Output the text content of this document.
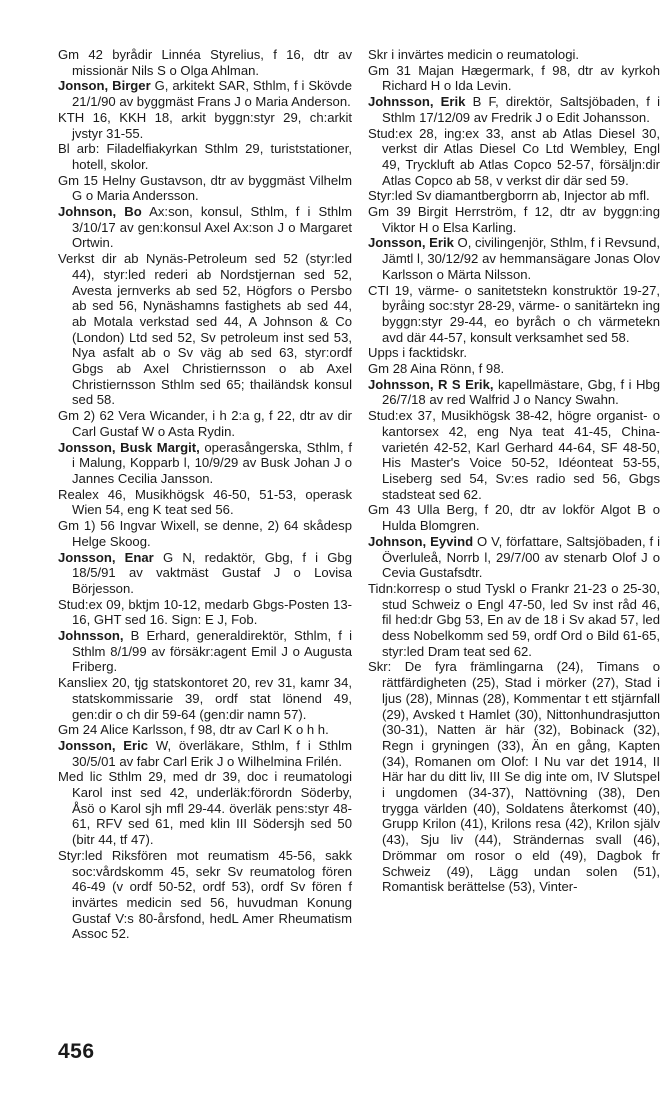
Gm 42 byrådir Linnéa Styrelius, f 16, dtr av missionär Nils S o Olga Ahlman.

Jonson, Birger G, arkitekt SAR, Sthlm, f i Skövde 21/1/90 av byggmäst Frans J o Maria Anderson.

KTH 16, KKH 18, arkit byggn:styr 29, ch:arkit jvstyr 31-55.

Bl arb: Filadelfiakyrkan Sthlm 29, turiststationer, hotell, skolor.

Gm 15 Helny Gustavson, dtr av byggmäst Vilhelm G o Maria Andersson.

Johnson, Bo Ax:son, konsul, Sthlm, f i Sthlm 3/10/17 av gen:konsul Axel Ax:son J o Margaret Ortwin.

Verkst dir ab Nynäs-Petroleum sed 52 (styr:led 44), styr:led rederi ab Nordstjernan sed 52, Avesta jernverks ab sed 52, Högfors o Persbo ab sed 56, Nynäshamns fastighets ab sed 44, ab Motala verkstad sed 44, A Johnson & Co (London) Ltd sed 52, Sv petroleum inst sed 53, Nya asfalt ab o Sv väg ab sed 63, styr:ordf Gbgs ab Axel Christiernsson o ab Axel Christiernsson Sthlm sed 65; thailändsk konsul sed 58.

Gm 2) 62 Vera Wicander, i h 2:a g, f 22, dtr av dir Carl Gustaf W o Asta Rydin.

Jonsson, Busk Margit, operasångerska, Sthlm, f i Malung, Kopparb l, 10/9/29 av Busk Johan J o Jannes Cecilia Jansson.

Realex 46, Musikhögsk 46-50, 51-53, operask Wien 54, eng K teat sed 56.

Gm 1) 56 Ingvar Wixell, se denne, 2) 64 skådesp Helge Skoog.

Jonsson, Enar G N, redaktör, Gbg, f i Gbg 18/5/91 av vaktmäst Gustaf J o Lovisa Börjesson.

Stud:ex 09, bktjm 10-12, medarb Gbgs-Posten 13-16, GHT sed 16. Sign: E J, Fob.

Johnsson, B Erhard, generaldirektör, Sthlm, f i Sthlm 8/1/99 av försäkr:agent Emil J o Augusta Friberg.

Kansliex 20, tjg statskontoret 20, rev 31, kamr 34, statskommissarie 39, ordf stat lönend 49, gen:dir o ch dir 59-64 (gen:dir namn 57).

Gm 24 Alice Karlsson, f 98, dtr av Carl K o h h.

Jonsson, Eric W, överläkare, Sthlm, f i Sthlm 30/5/01 av fabr Carl Erik J o Wilhelmina Frilén.

Med lic Sthlm 29, med dr 39, doc i reumatologi Karol inst sed 42, underläk:förordn Söderby, Åsö o Karol sjh mfl 29-44. överläk pens:styr 48-61, RFV sed 61, med klin III Södersjh sed 50 (bitr 44, tf 47).

Styr:led Riksfören mot reumatism 45-56, sakk soc:vårdskomm 45, sekr Sv reumatolog fören 46-49 (v ordf 50-52, ordf 53), ordf Sv fören f invärtes medicin sed 56, huvudman Konung Gustaf V:s 80-årsfond, hedL Amer Rheumatism Assoc 52.

Skr i invärtes medicin o reumatologi.

Gm 31 Majan Hægermark, f 98, dtr av kyrkoh Richard H o Ida Levin.

Johnsson, Erik B F, direktör, Saltsjöbaden, f i Sthlm 17/12/09 av Fredrik J o Edit Johansson.

Stud:ex 28, ing:ex 33, anst ab Atlas Diesel 30, verkst dir Atlas Diesel Co Ltd Wembley, Engl 49, Tryckluft ab Atlas Copco 52-57, försäljn:dir Atlas Copco ab 58, v verkst dir där sed 59.

Styr:led Sv diamantbergborrn ab, Injector ab mfl.

Gm 39 Birgit Herrström, f 12, dtr av byggn:ing Viktor H o Elsa Karling.

Jonsson, Erik O, civilingenjör, Sthlm, f i Revsund, Jämtl l, 30/12/92 av hemmansägare Jonas Olov Karlsson o Märta Nilsson.

CTI 19, värme- o sanitetstekn konstruktör 19-27, byråing soc:styr 28-29, värme- o sanitärtekn ing byggn:styr 29-44, eo byråch o ch värmetekn avd där 44-57, konsult verksamhet sed 58.

Upps i facktidskr.

Gm 28 Aina Rönn, f 98.

Johnsson, R S Erik, kapellmästare, Gbg, f i Hbg 26/7/18 av red Walfrid J o Nancy Swahn.

Stud:ex 37, Musikhögsk 38-42, högre organist- o kantorsex 42, eng Nya teat 41-45, China-varietén 42-52, Karl Gerhard 44-64, SF 48-50, His Master's Voice 50-52, Idéonteat 53-55, Liseberg sed 54, Sv:es radio sed 56, Gbgs stadsteat sed 62.

Gm 43 Ulla Berg, f 20, dtr av lokför Algot B o Hulda Blomgren.

Johnson, Eyvind O V, författare, Saltsjöbaden, f i Överluleå, Norrb l, 29/7/00 av stenarb Olof J o Cevia Gustafsdtr.

Tidn:korresp o stud Tyskl o Frankr 21-23 o 25-30, stud Schweiz o Engl 47-50, led Sv inst råd 46, fil hed:dr Gbg 53, En av de 18 i Sv akad 57, led dess Nobelkomm sed 59, ordf Ord o Bild 61-65, styr:led Dram teat sed 62.

Skr: De fyra främlingarna (24), Timans o rättfärdigheten (25), Stad i mörker (27), Stad i ljus (28), Minnas (28), Kommentar t ett stjärnfall (29), Avsked t Hamlet (30), Nittonhundrasjutton (30-31), Natten är här (32), Bobinack (32), Regn i gryningen (33), Än en gång, Kapten (34), Romanen om Olof: I Nu var det 1914, II Här har du ditt liv, III Se dig inte om, IV Slutspel i ungdomen (34-37), Nattövning (38), Den trygga världen (40), Soldatens återkomst (40), Grupp Krilon (41), Krilons resa (42), Krilon själv (43), Sju liv (44), Strändernas svall (46), Drömmar om rosor o eld (49), Dagbok fr Schweiz (49), Lägg undan solen (51), Romantisk berättelse (53), Vinter-

456
